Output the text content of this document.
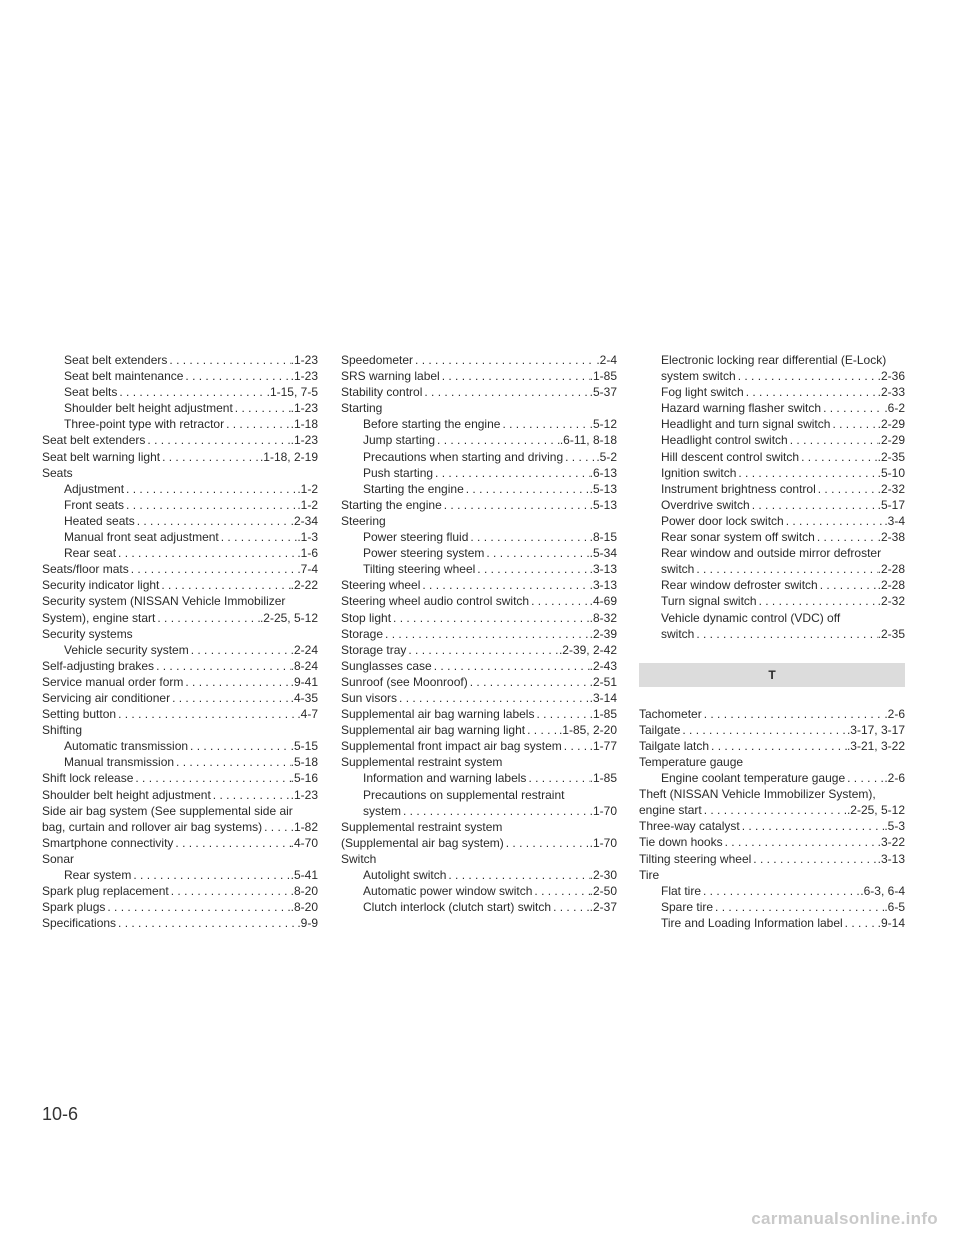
Seat belt extenders . . .	.1-23
Seat belt maintenance . . .	.1-23
Seat belts . . .	.1-15, 7-5
Shoulder belt height adjustment . . .	.1-23
Three-point type with retractor . . .	.1-18
Seat belt extenders . . .	.1-23
Seat belt warning light . . .	.1-18, 2-19
Seats
Adjustment . . .	.1-2
Front seats . . .	.1-2
Heated seats . . .	.2-34
Manual front seat adjustment . . .	.1-3
Rear seat . . .	.1-6
Seats/floor mats . . .	.7-4
Security indicator light . . .	.2-22
Security system (NISSAN Vehicle Immobilizer
System), engine start . . .	.2-25, 5-12
Security systems
Vehicle security system . . .	.2-24
Self-adjusting brakes . . .	.8-24
Service manual order form . . .	.9-41
Servicing air conditioner . . .	.4-35
Setting button . . .	.4-7
Shifting
Automatic transmission . . .	.5-15
Manual transmission . . .	.5-18
Shift lock release . . .	.5-16
Shoulder belt height adjustment . . .	.1-23
Side air bag system (See supplemental side air
bag, curtain and rollover air bag systems) . . . .1-82
Smartphone connectivity . . .	.4-70
Sonar
Rear system . . .	.5-41
Spark plug replacement . . .	.8-20
Spark plugs . . .	.8-20
Specifications . . .	.9-9
Speedometer . . .	.2-4
SRS warning label . . .	.1-85
Stability control . . .	.5-37
Starting
Before starting the engine . . .	.5-12
Jump starting . . .	.6-11, 8-18
Precautions when starting and driving . . .	.5-2
Push starting . . .	.6-13
Starting the engine . . .	.5-13
Starting the engine . . .	.5-13
Steering
Power steering fluid . . .	.8-15
Power steering system . . .	.5-34
Tilting steering wheel . . .	.3-13
Steering wheel . . .	.3-13
Steering wheel audio control switch . . .	.4-69
Stop light . . .	.8-32
Storage . . .	.2-39
Storage tray . . .	.2-39, 2-42
Sunglasses case . . .	.2-43
Sunroof (see Moonroof) . . .	.2-51
Sun visors . . .	.3-14
Supplemental air bag warning labels . . .	.1-85
Supplemental air bag warning light . . .	.1-85, 2-20
Supplemental front impact air bag system . . . .1-77
Supplemental restraint system
Information and warning labels . . .	.1-85
Precautions on supplemental restraint
system . . .	.1-70
Supplemental restraint system
(Supplemental air bag system) . . .	.1-70
Switch
Autolight switch . . .	.2-30
Automatic power window switch . . .	.2-50
Clutch interlock (clutch start) switch . . .	.2-37
Electronic locking rear differential (E-Lock)
system switch . . .	.2-36
Fog light switch . . .	.2-33
Hazard warning flasher switch . . .	.6-2
Headlight and turn signal switch . . .	.2-29
Headlight control switch . . .	.2-29
Hill descent control switch . . .	.2-35
Ignition switch . . .	.5-10
Instrument brightness control . . .	.2-32
Overdrive switch . . .	.5-17
Power door lock switch . . .	.3-4
Rear sonar system off switch . . .	.2-38
Rear window and outside mirror defroster
switch . . .	.2-28
Rear window defroster switch . . .	.2-28
Turn signal switch . . .	.2-32
Vehicle dynamic control (VDC) off
switch . . .	.2-35
T
Tachometer . . .	.2-6
Tailgate . . .	.3-17, 3-17
Tailgate latch . . .	.3-21, 3-22
Temperature gauge
Engine coolant temperature gauge . . .	.2-6
Theft (NISSAN Vehicle Immobilizer System),
engine start . . .	.2-25, 5-12
Three-way catalyst . . .	.5-3
Tie down hooks . . .	.3-22
Tilting steering wheel . . .	.3-13
Tire
Flat tire . . .	.6-3, 6-4
Spare tire . . .	.6-5
Tire and Loading Information label . . .	.9-14
10-6
carmanualsonline.info
